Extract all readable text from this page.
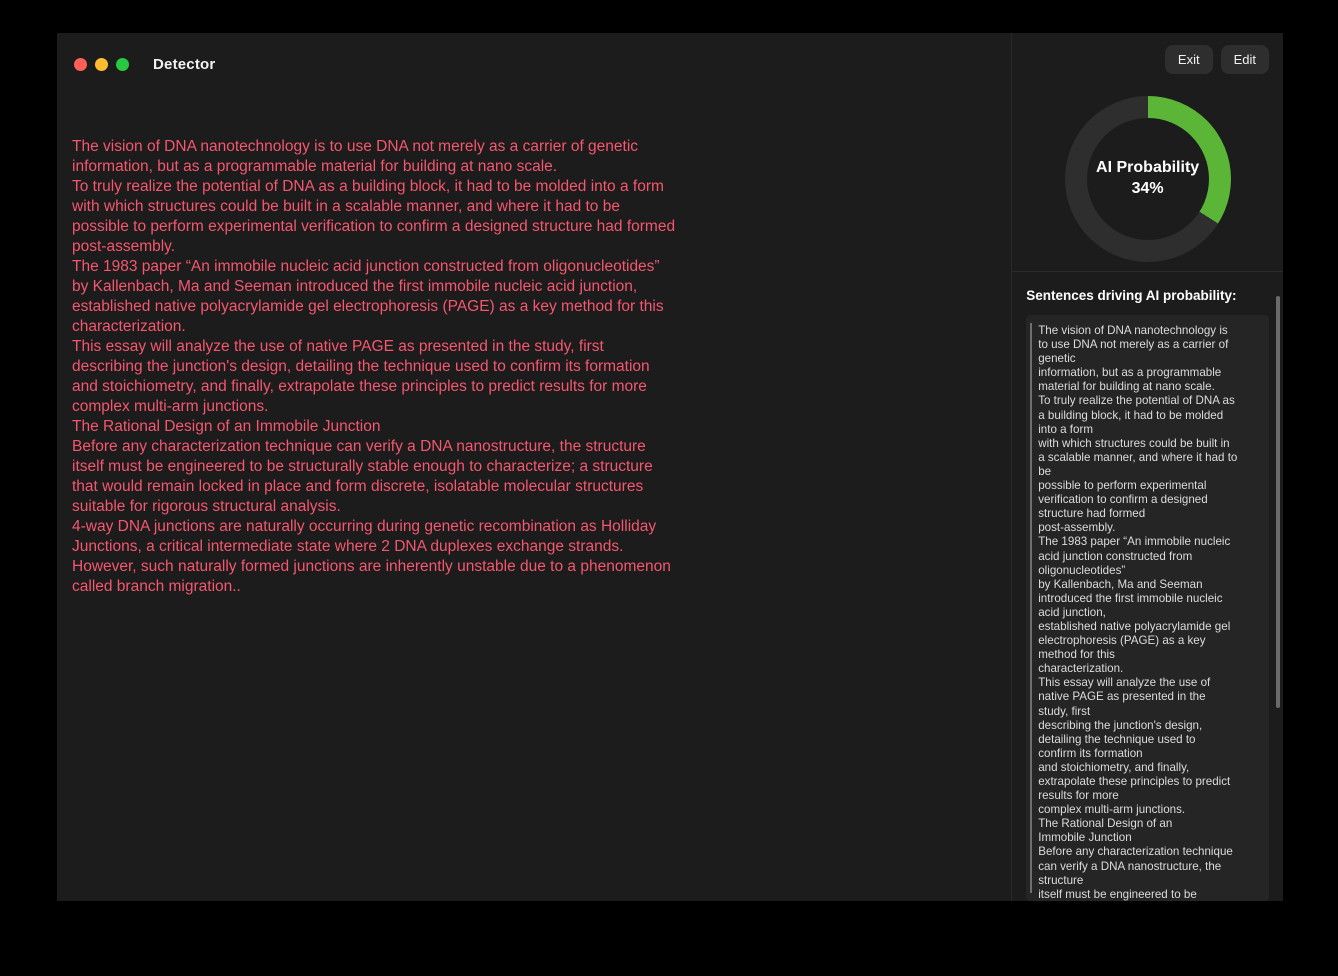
Detector
The vision of DNA nanotechnology is to use DNA not merely as a carrier of genetic
information, but as a programmable material for building at nano scale.
To truly realize the potential of DNA as a building block, it had to be molded into a form
with which structures could be built in a scalable manner, and where it had to be
possible to perform experimental verification to confirm a designed structure had formed
post-assembly.
The 1983 paper “An immobile nucleic acid junction constructed from oligonucleotides”
by Kallenbach, Ma and Seeman introduced the first immobile nucleic acid junction,
established native polyacrylamide gel electrophoresis (PAGE) as a key method for this
characterization.
This essay will analyze the use of native PAGE as presented in the study, first
describing the junction's design, detailing the technique used to confirm its formation
and stoichiometry, and finally, extrapolate these principles to predict results for more
complex multi-arm junctions.
The Rational Design of an Immobile Junction
Before any characterization technique can verify a DNA nanostructure, the structure
itself must be engineered to be structurally stable enough to characterize; a structure
that would remain locked in place and form discrete, isolatable molecular structures
suitable for rigorous structural analysis.
4-way DNA junctions are naturally occurring during genetic recombination as Holliday
Junctions, a critical intermediate state where 2 DNA duplexes exchange strands.
However, such naturally formed junctions are inherently unstable due to a phenomenon
called branch migration..
Exit	Edit
AI Probability
34%
Sentences driving AI probability:
The vision of DNA nanotechnology is
to use DNA not merely as a carrier of
genetic
information, but as a programmable
material for building at nano scale.
To truly realize the potential of DNA as
a building block, it had to be molded
into a form
with which structures could be built in
a scalable manner, and where it had to
be
possible to perform experimental
verification to confirm a designed
structure had formed
post-assembly.
The 1983 paper “An immobile nucleic
acid junction constructed from
oligonucleotides”
by Kallenbach, Ma and Seeman
introduced the first immobile nucleic
acid junction,
established native polyacrylamide gel
electrophoresis (PAGE) as a key
method for this
characterization.
This essay will analyze the use of
native PAGE as presented in the
study, first
describing the junction's design,
detailing the technique used to
confirm its formation
and stoichiometry, and finally,
extrapolate these principles to predict
results for more
complex multi-arm junctions.
The Rational Design of an
Immobile Junction
Before any characterization technique
can verify a DNA nanostructure, the
structure
itself must be engineered to be
